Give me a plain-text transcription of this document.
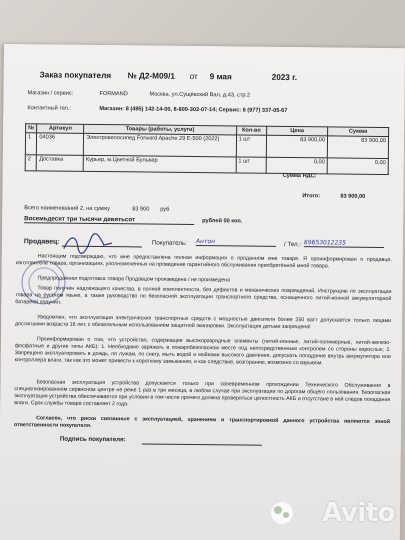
Заказ покупателя № Д2-М09/1 от 9 мая	2023 г.
Магазин / сервис:	FORMAND	Москва, ул.Сущёвский Вал, д.43, стр.2
Контактный тел.:	Магазин: 8 (495) 142-14-00, 8-800-302-07-14; Сервис: 8 (977) 337-05-67
№	Артикул	Товары (работы, услуги)	Кол-во	Цена	Сумма
1	04036	Электровелосипед Forward Apache 29 E-500 (2022)	1 шт	83 900,00	83 900,00
2	Доставка	Курьер, м.Цветной Бульвар	1 шт	0,00	0,00
Сумма НДС:
Итого:	83 900,00
Всего наименований 2, на сумму	83 900 руб
Восемьдесят три тысячи девятьсот	рублей 00 коп.
Продавец:	Покупатель: Антон	/ Тел.: 89653012235
Настоящим подтверждаю, что мне предоставлена полная информация о проданном мне товаре. Я проинформирован о продавце, изготовителе товара, организациях, уполномоченных на проведение гарантийного обслуживания приобретённой мной товара.
Предпродажная подготовка товара Продавцом произведена / не произведена
Товар получен надлежащего качества, в полной комплектности, без дефектов и механических повреждений. Инструкцию по эксплуатации товара на русском языке, а также руководство по безопасной эксплуатации транспортного средства, оснащенного литий-ионной аккумуляторной батареей получил.
Уведомлен, что эксплуатация электрических транспортных средств с мощностью двигателя более 250 ватт допускается только лицами достигшими возраста 16 лет, с обязательным использованием защитной экипировки. Эксплуатация детьми запрещена!
Проинформирован о том, что устройство, содержащее высокоразрядные элементы (литий-ионные, литий-полимерные, литий-железо-фосфатные и другие типы АКБ): 1. Необходимо заряжать в пожаробезопасном месте под непосредственным контролем со стороны взрослых; 2. Запрещено эксплуатировать в дождь, по лужам, по снегу, мыть водой и мойками высокого давления, допускать попадание внутрь аккумулятора или контроллера влаги, так как это может привести к короткому замыканию, и как следствие, возгоранию, возможно со взрывом.
Безопасная эксплуатация устройства допускается только при своевременном прохождении Технического Обслуживания в специализированном сервисном центре не реже 1 раз в три месяца, в любом случае при эксплуатации по дорогам общего пользования. Безопасная эксплуатация устройства обеспечивается при условии в том числе прочего должна проверяться целостность АКБ и отсутствие в ней следов попадания влаги. Срок службы товара составляет 2 года.
Согласен, что риски связанные с эксплуатацией, хранением и транспортировкой данного устройства являются зоной ответственности покупателя.
Подпись покупателя:
Avito
